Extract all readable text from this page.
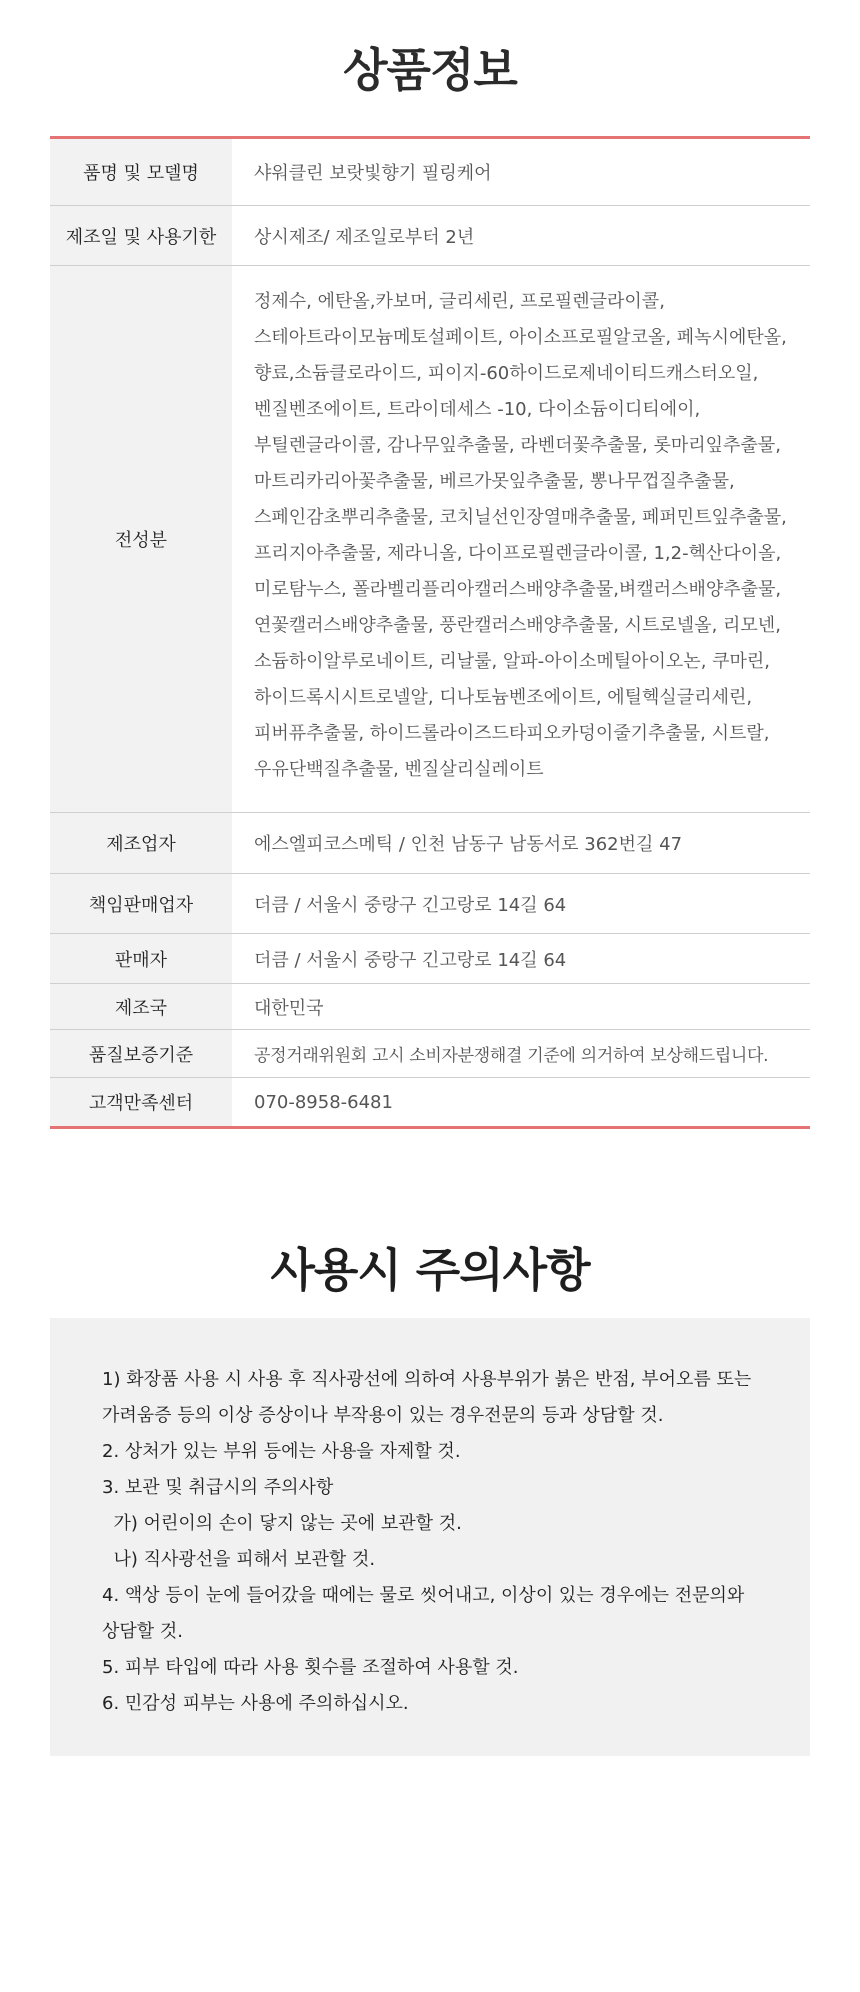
상품정보
품명 및 모델명	샤워클린 보랏빛향기 필링케어
제조일 및 사용기한	상시제조/ 제조일로부터 2년
전성분	정제수, 에탄올,카보머, 글리세린, 프로필렌글라이콜, 스테아트라이모늄메토설페이트, 아이소프로필알코올, 페녹시에탄올, 향료,소듐클로라이드, 피이지-60하이드로제네이티드캐스터오일, 벤질벤조에이트, 트라이데세스 -10, 다이소듐이디티에이, 부틸렌글라이콜, 감나무잎추출물, 라벤더꽃추출물, 롯마리잎추출물, 마트리카리아꽃추출물, 베르가못잎추출물, 뽕나무껍질추출물, 스페인감초뿌리추출물, 코치닐선인장열매추출물, 페퍼민트잎추출물, 프리지아추출물, 제라니올, 다이프로필렌글라이콜, 1,2-헥산다이올, 미로탐누스, 폴라벨리플리아캘러스배양추출물,벼캘러스배양추출물, 연꽃캘러스배양추출물, 풍란캘러스배양추출물, 시트로넬올, 리모넨, 소듐하이알루로네이트, 리날룰, 알파-아이소메틸아이오논, 쿠마린,하이드록시시트로넬알, 디나토늄벤조에이트, 에틸헥실글리세린, 피버퓨추출물, 하이드롤라이즈드타피오카덩이줄기추출물, 시트랄, 우유단백질추출물, 벤질살리실레이트
제조업자	에스엘피코스메틱 / 인천 남동구 남동서로 362번길 47
책임판매업자	더큼 / 서울시 중랑구 긴고랑로 14길 64
판매자	더큼 / 서울시 중랑구 긴고랑로 14길 64
제조국	대한민국
품질보증기준	공정거래위원회 고시 소비자분쟁해결 기준에 의거하여 보상해드립니다.
고객만족센터	070-8958-6481
사용시 주의사항
1) 화장품 사용 시 사용 후 직사광선에 의하여 사용부위가 붉은 반점, 부어오름 또는
가려움증 등의 이상 증상이나 부작용이 있는 경우전문의 등과 상담할 것.
2. 상처가 있는 부위 등에는 사용을 자제할 것.
3. 보관 및 취급시의 주의사항
가) 어린이의 손이 닿지 않는 곳에 보관할 것.
나) 직사광선을 피해서 보관할 것.
4. 액상 등이 눈에 들어갔을 때에는 물로 씻어내고, 이상이 있는 경우에는 전문의와
상담할 것.
5. 피부 타입에 따라 사용 횟수를 조절하여 사용할 것.
6. 민감성 피부는 사용에 주의하십시오.
